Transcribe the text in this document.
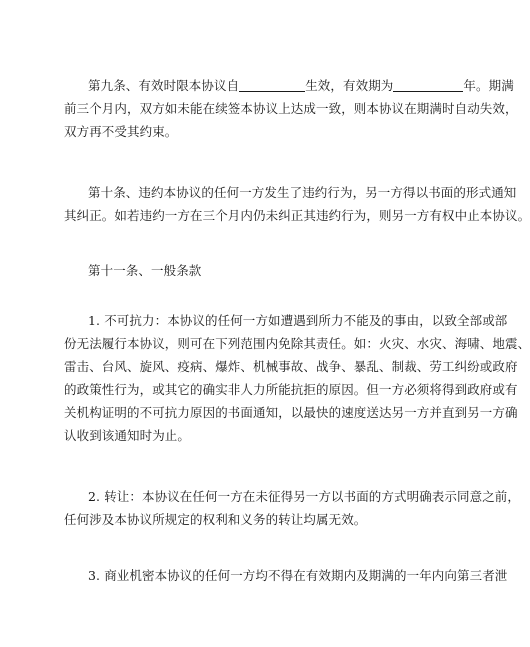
第九条、有效时限本协议自	生效，有效期为	年。期满
前三个月内，双方如未能在续签本协议上达成一致，则本协议在期满时自动失效，
双方再不受其约束。
第十条、违约本协议的任何一方发生了违约行为，另一方得以书面的形式通知
其纠正。如若违约一方在三个月内仍未纠正其违约行为，则另一方有权中止本协议。
第十一条、一般条款
1. 不可抗力：本协议的任何一方如遭遇到所力不能及的事由，以致全部或部
份无法履行本协议，则可在下列范围内免除其责任。如：火灾、水灾、海啸、地震、
雷击、台风、旋风、疫病、爆炸、机械事故、战争、暴乱、制裁、劳工纠纷或政府
的政策性行为，或其它的确实非人力所能抗拒的原因。但一方必须将得到政府或有
关机构证明的不可抗力原因的书面通知，以最快的速度送达另一方并直到另一方确
认收到该通知时为止。
2. 转让：本协议在任何一方在未征得另一方以书面的方式明确表示同意之前，
任何涉及本协议所规定的权利和义务的转让均属无效。
3. 商业机密本协议的任何一方均不得在有效期内及期满的一年内向第三者泄
